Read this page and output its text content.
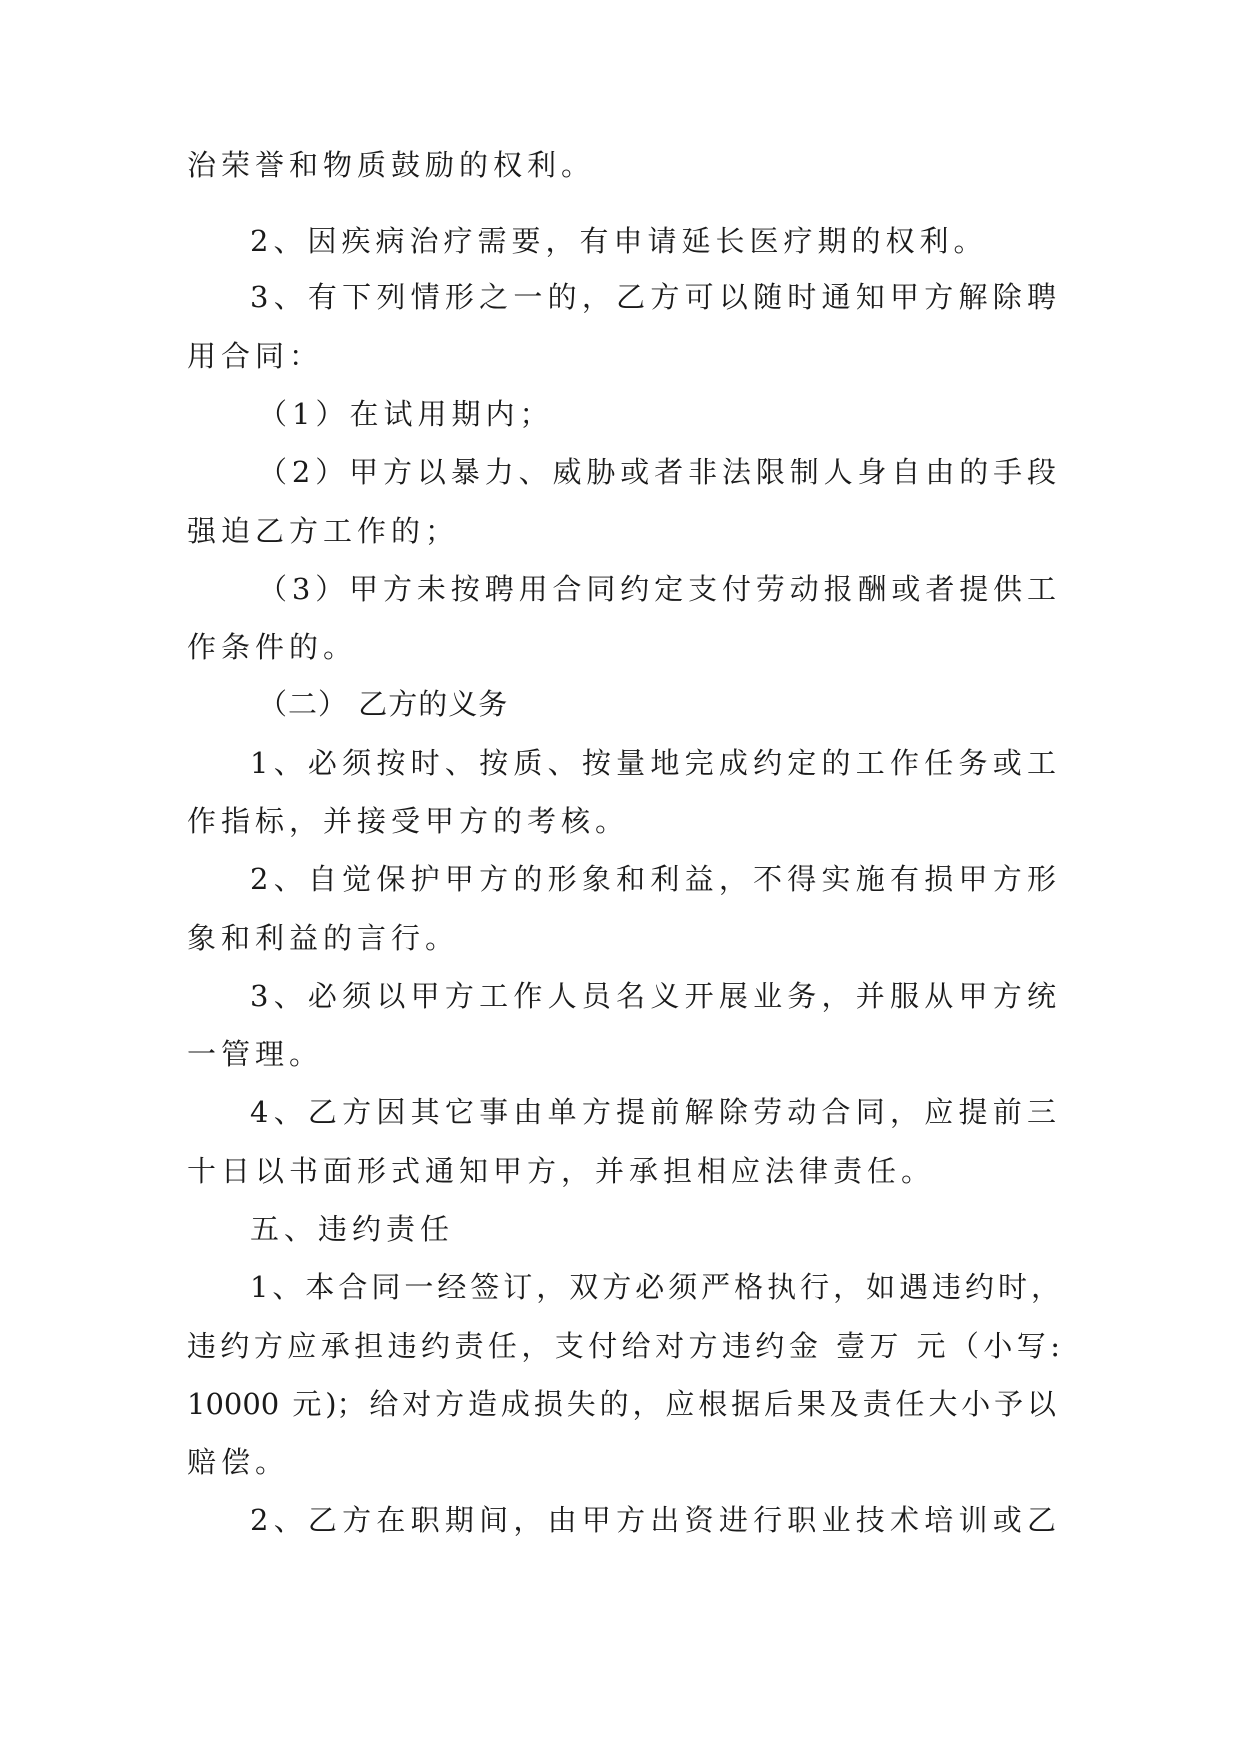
治荣誉和物质鼓励的权利。
2、因疾病治疗需要，有申请延长医疗期的权利。
3、有下列情形之一的，乙方可以随时通知甲方解除聘
用合同：
（1）在试用期内；
（2）甲方以暴力、威胁或者非法限制人身自由的手段
强迫乙方工作的；
（3）甲方未按聘用合同约定支付劳动报酬或者提供工
作条件的。
（二） 乙方的义务
1、必须按时、按质、按量地完成约定的工作任务或工
作指标，并接受甲方的考核。
2、自觉保护甲方的形象和利益，不得实施有损甲方形
象和利益的言行。
3、必须以甲方工作人员名义开展业务，并服从甲方统
一管理。
4、乙方因其它事由单方提前解除劳动合同，应提前三
十日以书面形式通知甲方，并承担相应法律责任。
五、违约责任
1、本合同一经签订，双方必须严格执行，如遇违约时，
违约方应承担违约责任，支付给对方违约金 壹万 元（小写:
10000 元)；给对方造成损失的，应根据后果及责任大小予以
赔偿。
2、乙方在职期间，由甲方出资进行职业技术培训或乙
